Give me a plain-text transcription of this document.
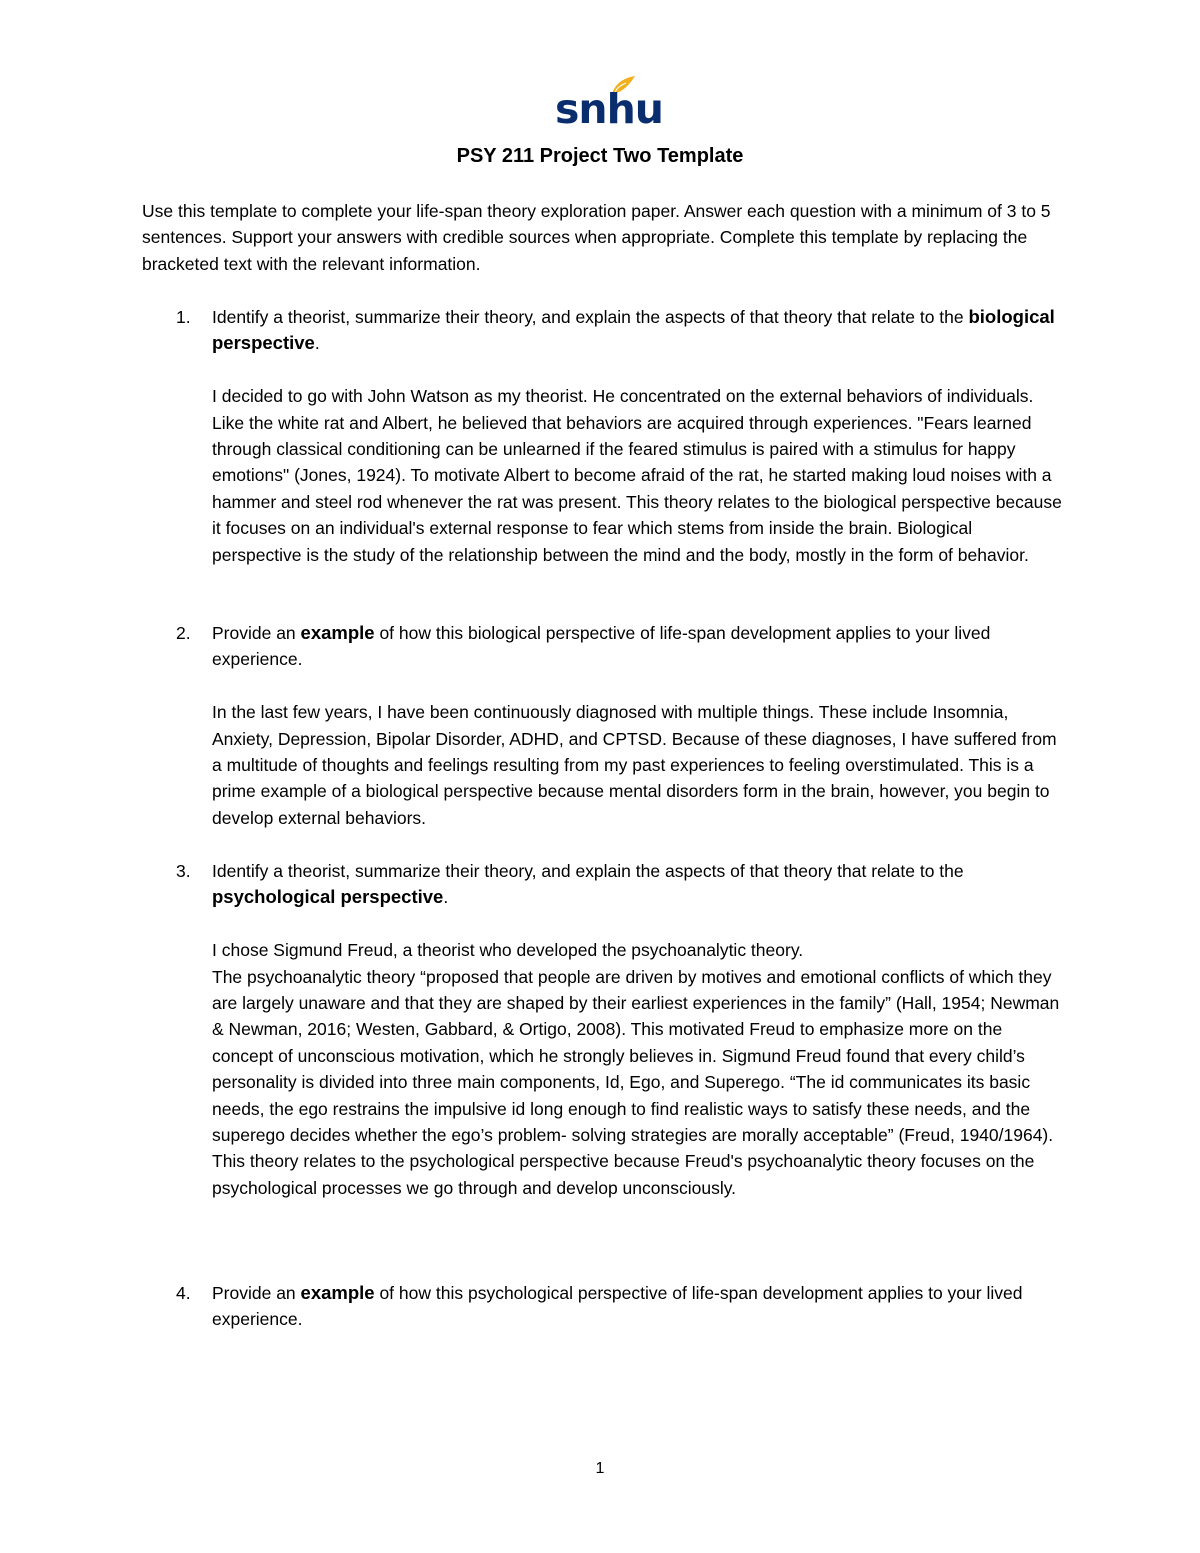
snhu
PSY 211 Project Two Template

Use this template to complete your life-span theory exploration paper. Answer each question with a minimum of 3 to 5 sentences. Support your answers with credible sources when appropriate. Complete this template by replacing the bracketed text with the relevant information.

1. Identify a theorist, summarize their theory, and explain the aspects of that theory that relate to the biological perspective.

I decided to go with John Watson as my theorist. He concentrated on the external behaviors of individuals. Like the white rat and Albert, he believed that behaviors are acquired through experiences. "Fears learned through classical conditioning can be unlearned if the feared stimulus is paired with a stimulus for happy emotions" (Jones, 1924). To motivate Albert to become afraid of the rat, he started making loud noises with a hammer and steel rod whenever the rat was present. This theory relates to the biological perspective because it focuses on an individual's external response to fear which stems from inside the brain. Biological perspective is the study of the relationship between the mind and the body, mostly in the form of behavior.

2. Provide an example of how this biological perspective of life-span development applies to your lived experience.

In the last few years, I have been continuously diagnosed with multiple things. These include Insomnia, Anxiety, Depression, Bipolar Disorder, ADHD, and CPTSD. Because of these diagnoses, I have suffered from a multitude of thoughts and feelings resulting from my past experiences to feeling overstimulated. This is a prime example of a biological perspective because mental disorders form in the brain, however, you begin to develop external behaviors.

3. Identify a theorist, summarize their theory, and explain the aspects of that theory that relate to the psychological perspective.

I chose Sigmund Freud, a theorist who developed the psychoanalytic theory.

The psychoanalytic theory “proposed that people are driven by motives and emotional conflicts of which they are largely unaware and that they are shaped by their earliest experiences in the family” (Hall, 1954; Newman & Newman, 2016; Westen, Gabbard, & Ortigo, 2008). This motivated Freud to emphasize more on the concept of unconscious motivation, which he strongly believes in. Sigmund Freud found that every child’s personality is divided into three main components, Id, Ego, and Superego. “The id communicates its basic needs, the ego restrains the impulsive id long enough to find realistic ways to satisfy these needs, and the superego decides whether the ego’s problem- solving strategies are morally acceptable” (Freud, 1940/1964). This theory relates to the psychological perspective because Freud's psychoanalytic theory focuses on the psychological processes we go through and develop unconsciously.

4. Provide an example of how this psychological perspective of life-span development applies to your lived experience.

1
